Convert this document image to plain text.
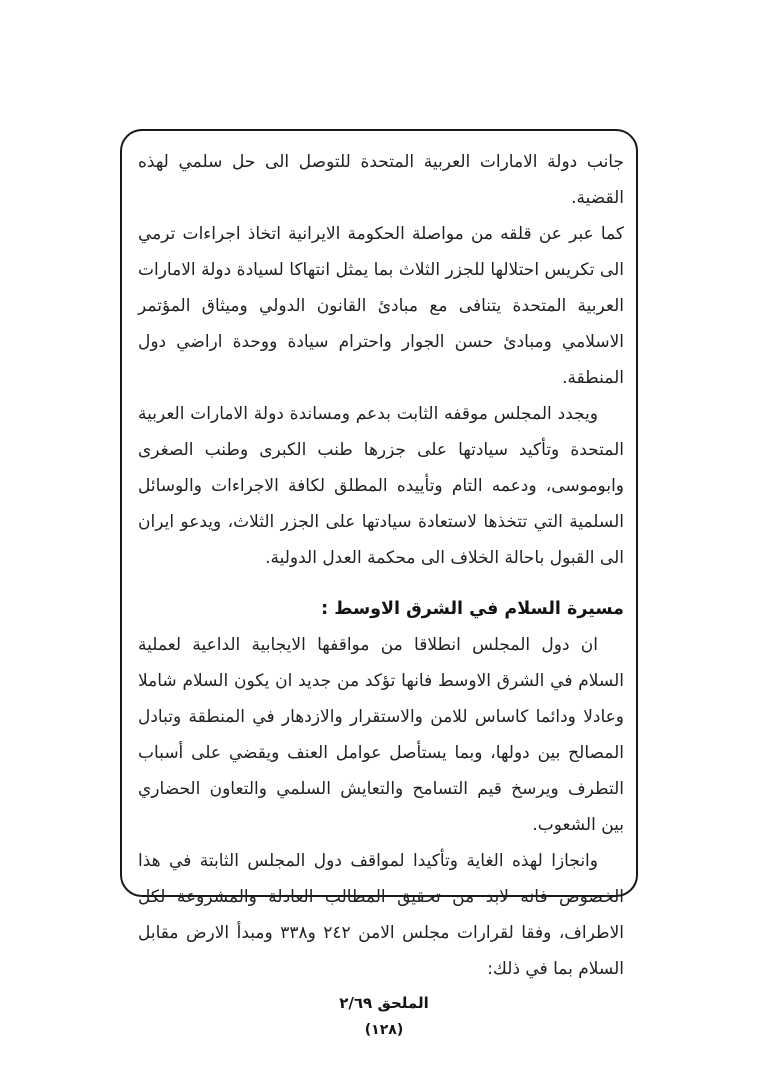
جانب دولة الامارات العربية المتحدة للتوصل الى حل سلمي لهذه القضية.

كما عبر عن قلقه من مواصلة الحكومة الايرانية اتخاذ اجراءات ترمي الى تكريس احتلالها للجزر الثلاث بما يمثل انتهاكا لسيادة دولة الامارات العربية المتحدة يتنافى مع مبادئ القانون الدولي وميثاق المؤتمر الاسلامي ومبادئ حسن الجوار واحترام سيادة ووحدة اراضي دول المنطقة.

ويجدد المجلس موقفه الثابت بدعم ومساندة دولة الامارات العربية المتحدة وتأكيد سيادتها على جزرها طنب الكبرى وطنب الصغرى وابوموسى، ودعمه التام وتأييده المطلق لكافة الاجراءات والوسائل السلمية التي تتخذها لاستعادة سيادتها على الجزر الثلاث، ويدعو ايران الى القبول باحالة الخلاف الى محكمة العدل الدولية.

مسيرة السلام في الشرق الاوسط :

ان دول المجلس انطلاقا من مواقفها الايجابية الداعية لعملية السلام في الشرق الاوسط فانها تؤكد من جديد ان يكون السلام شاملا وعادلا ودائما كاساس للامن والاستقرار والازدهار في المنطقة وتبادل المصالح بين دولها، وبما يستأصل عوامل العنف ويقضي على أسباب التطرف ويرسخ قيم التسامح والتعايش السلمي والتعاون الحضاري بين الشعوب.

وانجازا لهذه الغاية وتأكيدا لمواقف دول المجلس الثابتة في هذا الخصوص فانه لابد من تحقيق المطالب العادلة والمشروعة لكل الاطراف، وفقا لقرارات مجلس الامن ٢٤٢ و٣٣٨ ومبدأ الارض مقابل السلام بما في ذلك:

الملحق ٢/٦٩
(١٢٨)
